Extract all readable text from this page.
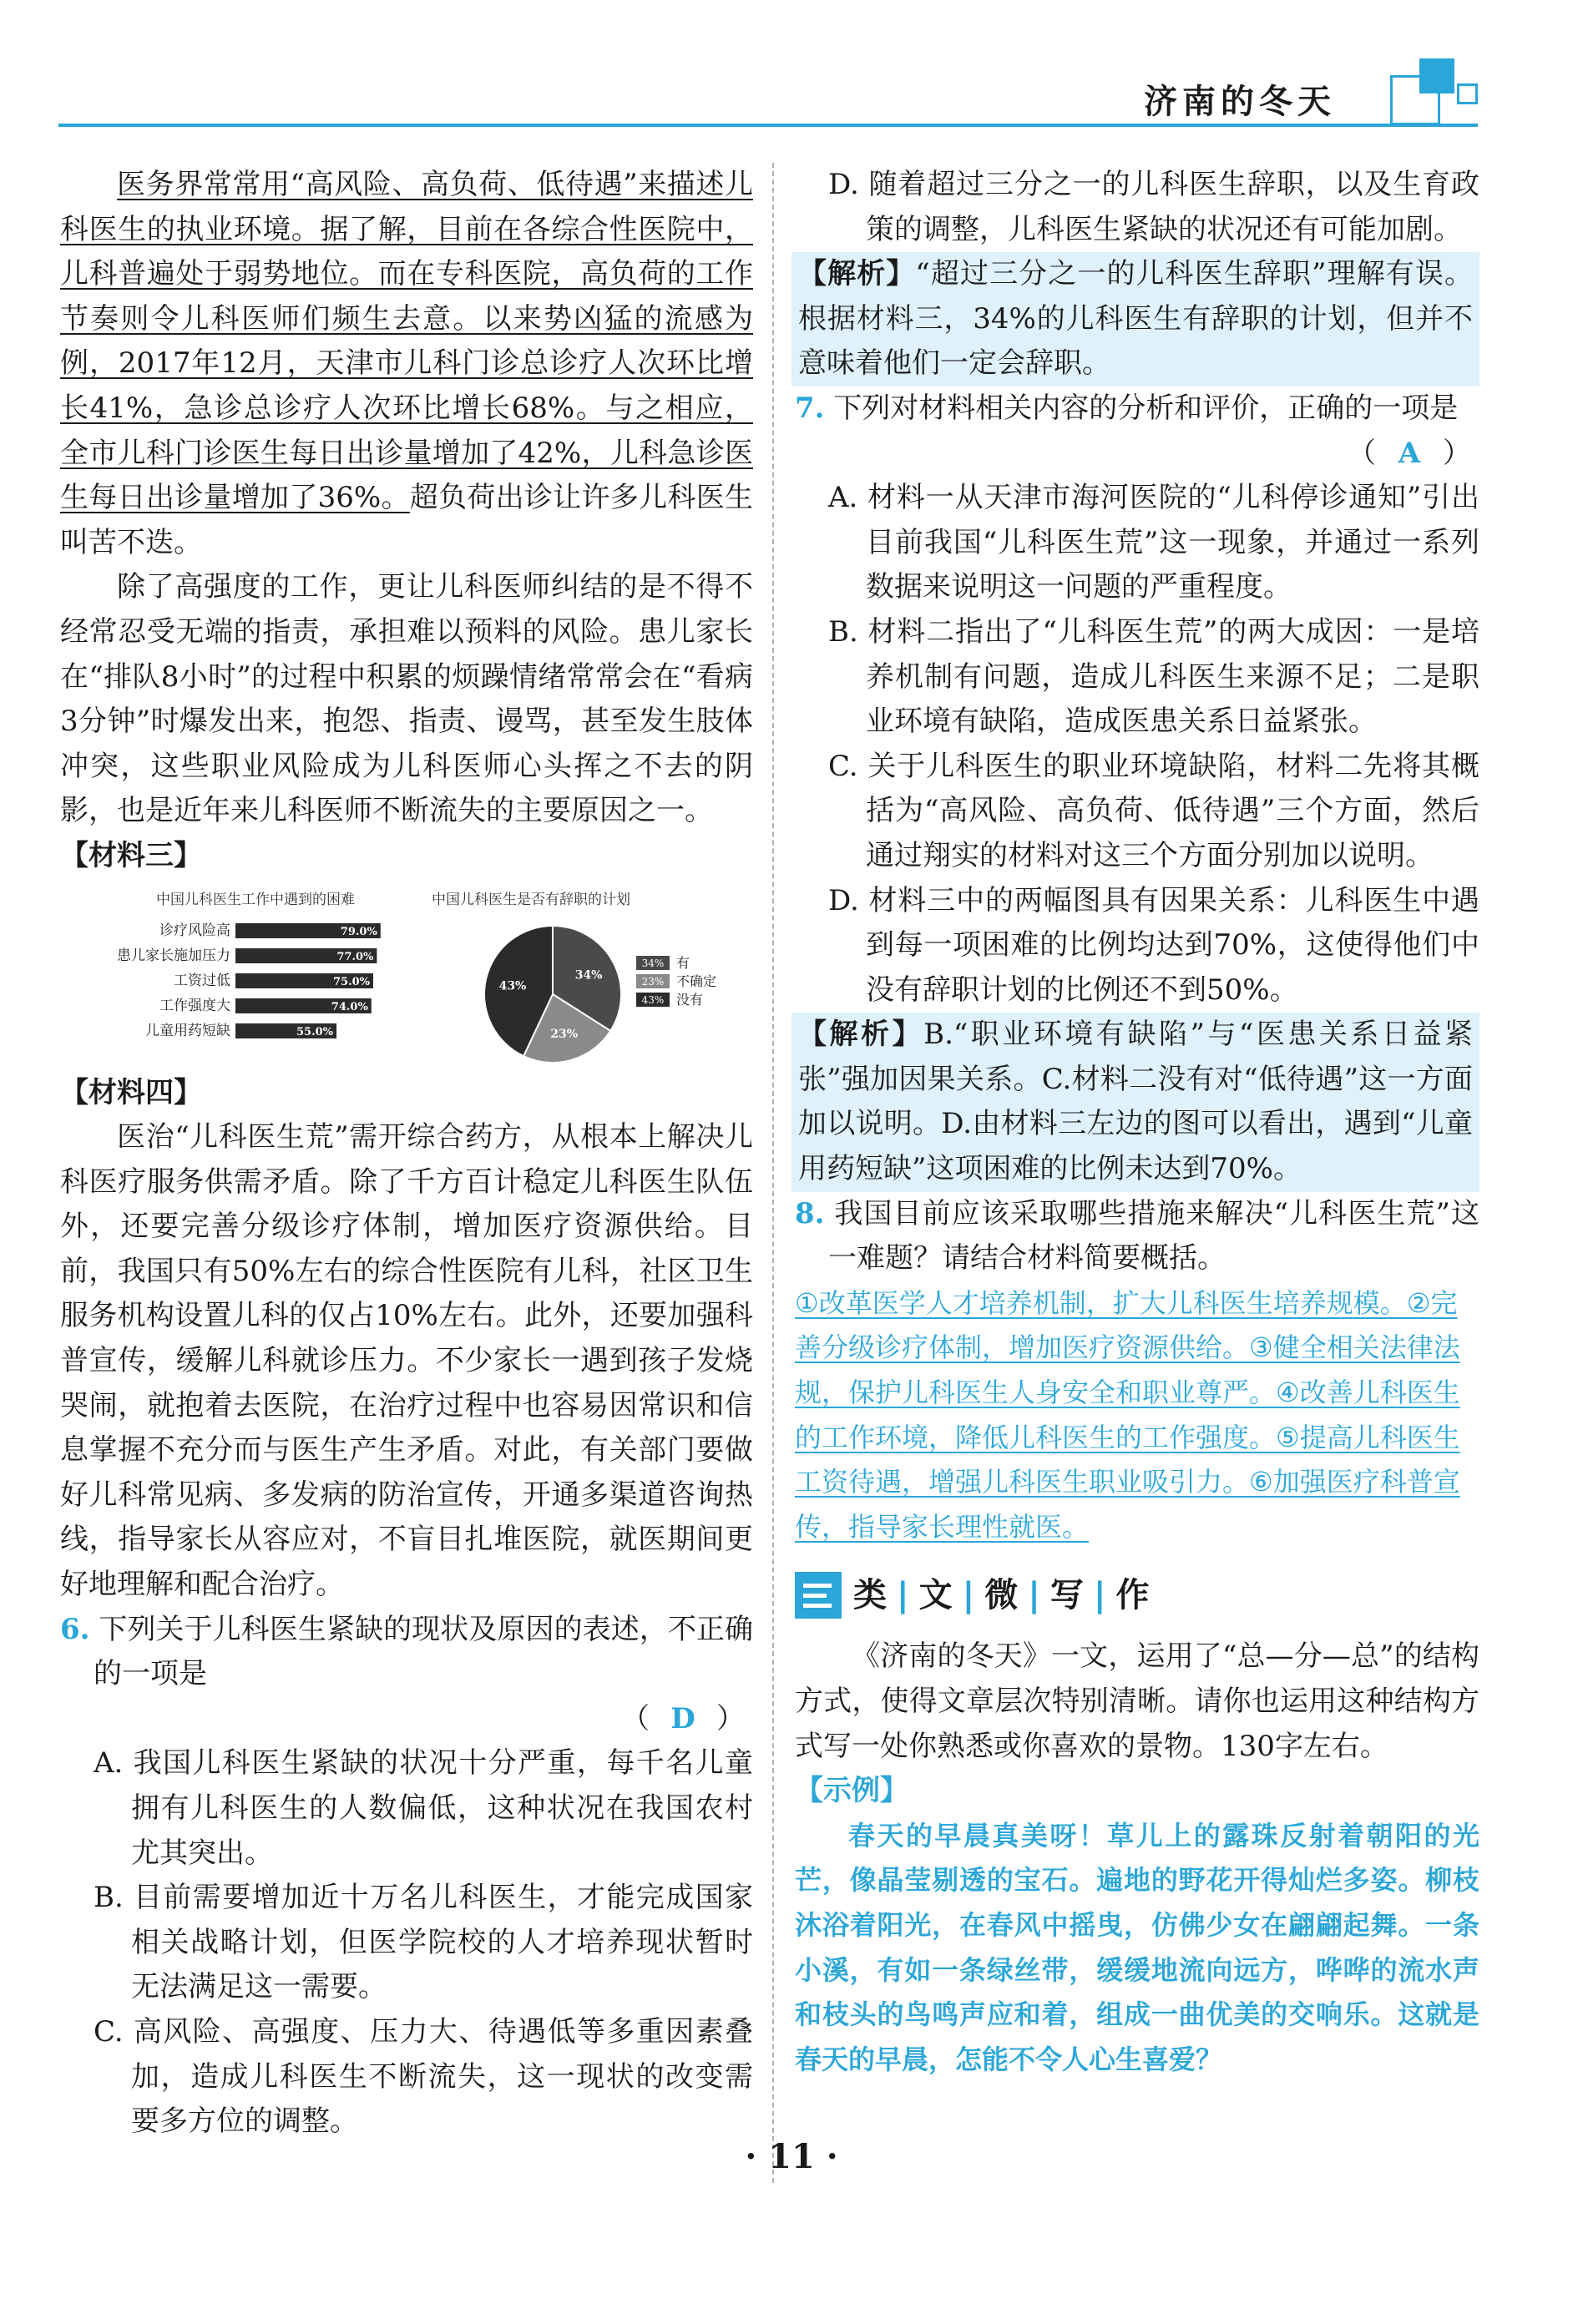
济南的冬天

医务界常常用“高风险、高负荷、低待遇”来描述儿科医生的执业环境。据了解，目前在各综合性医院中，儿科普遍处于弱势地位。而在专科医院，高负荷的工作节奏则令儿科医师们频生去意。以来势凶猛的流感为例，2017年12月，天津市儿科门诊总诊疗人次环比增长41%，急诊总诊疗人次环比增长68%。与之相应，全市儿科门诊医生每日出诊量增加了42%，儿科急诊医生每日出诊量增加了36%。超负荷出诊让许多儿科医生叫苦不迭。

除了高强度的工作，更让儿科医师纠结的是不得不经常忍受无端的指责，承担难以预料的风险。患儿家长在“排队8小时”的过程中积累的烦躁情绪常常会在“看病3分钟”时爆发出来，抱怨、指责、谩骂，甚至发生肢体冲突，这些职业风险成为儿科医师心头挥之不去的阴影，也是近年来儿科医师不断流失的主要原因之一。

【材料三】
中国儿科医生工作中遇到的困难
诊疗风险高	79.0%
患儿家长施加压力	77.0%
工资过低	75.0%
工作强度大	74.0%
儿童用药短缺	55.0%
中国儿科医生是否有辞职的计划
34%
23%
43%
34% 有
23% 不确定
43% 没有
【材料四】

医治“儿科医生荒”需开综合药方，从根本上解决儿科医疗服务供需矛盾。除了千方百计稳定儿科医生队伍外，还要完善分级诊疗体制，增加医疗资源供给。目前，我国只有50%左右的综合性医院有儿科，社区卫生服务机构设置儿科的仅占10%左右。此外，还要加强科普宣传，缓解儿科就诊压力。不少家长一遇到孩子发烧哭闹，就抱着去医院，在治疗过程中也容易因常识和信息掌握不充分而与医生产生矛盾。对此，有关部门要做好儿科常见病、多发病的防治宣传，开通多渠道咨询热线，指导家长从容应对，不盲目扎堆医院，就医期间更好地理解和配合治疗。

6. 下列关于儿科医生紧缺的现状及原因的表述，不正确的一项是
（ D ）
A. 我国儿科医生紧缺的状况十分严重，每千名儿童拥有儿科医生的人数偏低，这种状况在我国农村尤其突出。
B. 目前需要增加近十万名儿科医生，才能完成国家相关战略计划，但医学院校的人才培养现状暂时无法满足这一需要。
C. 高风险、高强度、压力大、待遇低等多重因素叠加，造成儿科医生不断流失，这一现状的改变需要多方位的调整。
D. 随着超过三分之一的儿科医生辞职，以及生育政策的调整，儿科医生紧缺的状况还有可能加剧。
【解析】“超过三分之一的儿科医生辞职”理解有误。根据材料三，34%的儿科医生有辞职的计划，但并不意味着他们一定会辞职。
7. 下列对材料相关内容的分析和评价，正确的一项是
（ A ）
A. 材料一从天津市海河医院的“儿科停诊通知”引出目前我国“儿科医生荒”这一现象，并通过一系列数据来说明这一问题的严重程度。
B. 材料二指出了“儿科医生荒”的两大成因：一是培养机制有问题，造成儿科医生来源不足；二是职业环境有缺陷，造成医患关系日益紧张。
C. 关于儿科医生的职业环境缺陷，材料二先将其概括为“高风险、高负荷、低待遇”三个方面，然后通过翔实的材料对这三个方面分别加以说明。
D. 材料三中的两幅图具有因果关系：儿科医生中遇到每一项困难的比例均达到70%，这使得他们中没有辞职计划的比例还不到50%。
【解析】B.“职业环境有缺陷”与“医患关系日益紧张”强加因果关系。C.材料二没有对“低待遇”这一方面加以说明。D.由材料三左边的图可以看出，遇到“儿童用药短缺”这项困难的比例未达到70%。
8. 我国目前应该采取哪些措施来解决“儿科医生荒”这一难题？请结合材料简要概括。
①改革医学人才培养机制，扩大儿科医生培养规模。②完善分级诊疗体制，增加医疗资源供给。③健全相关法律法规，保护儿科医生人身安全和职业尊严。④改善儿科医生的工作环境，降低儿科医生的工作强度。⑤提高儿科医生工资待遇，增强儿科医生职业吸引力。⑥加强医疗科普宣传，指导家长理性就医。
类 | 文 | 微 | 写 | 作

《济南的冬天》一文，运用了“总—分—总”的结构方式，使得文章层次特别清晰。请你也运用这种结构方式写一处你熟悉或你喜欢的景物。130字左右。

【示例】

春天的早晨真美呀！草儿上的露珠反射着朝阳的光芒，像晶莹剔透的宝石。遍地的野花开得灿烂多姿。柳枝沐浴着阳光，在春风中摇曳，仿佛少女在翩翩起舞。一条小溪，有如一条绿丝带，缓缓地流向远方，哗哗的流水声和枝头的鸟鸣声应和着，组成一曲优美的交响乐。这就是春天的早晨，怎能不令人心生喜爱？

· 11 ·
